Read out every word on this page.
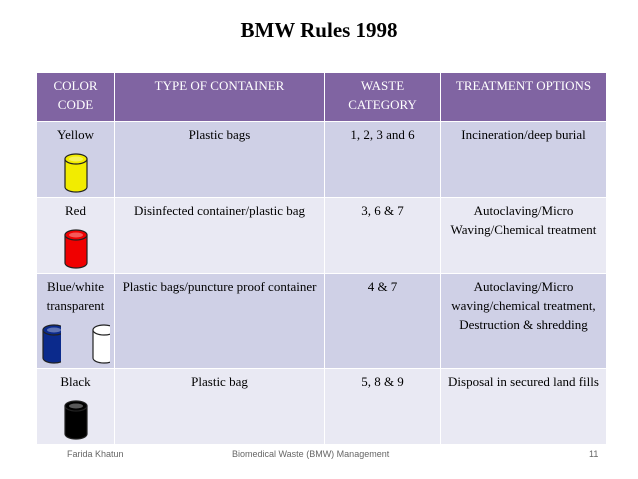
BMW Rules 1998
COLOR CODE	TYPE OF CONTAINER	WASTE CATEGORY	TREATMENT OPTIONS

Yellow	Plastic bags	1, 2, 3 and 6	Incineration/deep burial

Red	Disinfected container/plastic bag	3, 6 & 7	Autoclaving/Micro Waving/Chemical treatment

Blue/white transparent	Plastic bags/puncture proof container	4 & 7	Autoclaving/Micro waving/chemical treatment, Destruction & shredding

Black	Plastic bag	5, 8 & 9	Disposal in secured land fills
Farida Khatun	Biomedical Waste (BMW) Management	11
